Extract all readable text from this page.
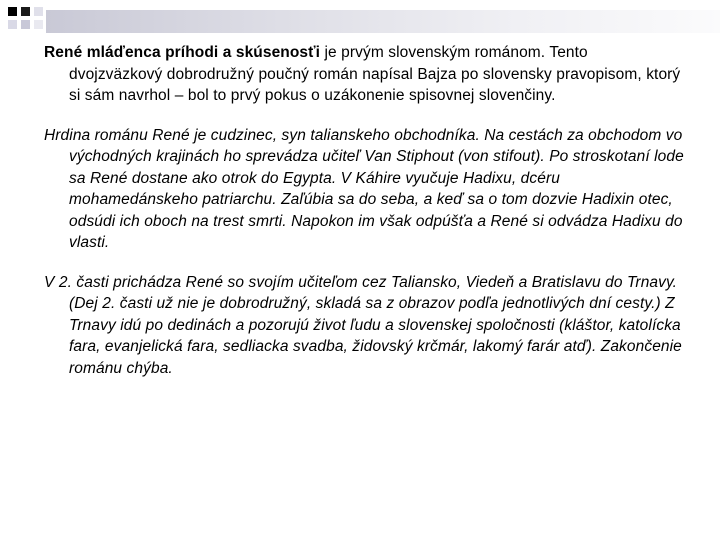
René mláďenca príhodi a skúsenosťi je prvým slovenským románom. Tento dvojzväzkový dobrodružný poučný román napísal Bajza po slovensky pravopisom, ktorý si sám navrhol – bol to prvý pokus o uzákonenie spisovnej slovenčiny.

Hrdina románu René je cudzinec, syn talianskeho obchodníka. Na cestách za obchodom vo východných krajinách ho sprevádza učiteľ Van Stiphout (von stifout). Po stroskotaní lode sa René dostane ako otrok do Egypta. V Káhire vyučuje Hadixu, dcéru mohamedánskeho patriarchu. Zaľúbia sa do seba, a keď sa o tom dozvie Hadixin otec, odsúdi ich oboch na trest smrti. Napokon im však odpúšťa a René si odvádza Hadixu do vlasti.

V 2. časti prichádza René so svojím učiteľom cez Taliansko, Viedeň a Bratislavu do Trnavy. (Dej 2. časti už nie je dobrodružný, skladá sa z obrazov podľa jednotlivých dní cesty.) Z Trnavy idú po dedinách a pozorujú život ľudu a slovenskej spoločnosti (kláštor, katolícka fara, evanjelická fara, sedliacka svadba, židovský krčmár, lakomý farár atď). Zakončenie románu chýba.
